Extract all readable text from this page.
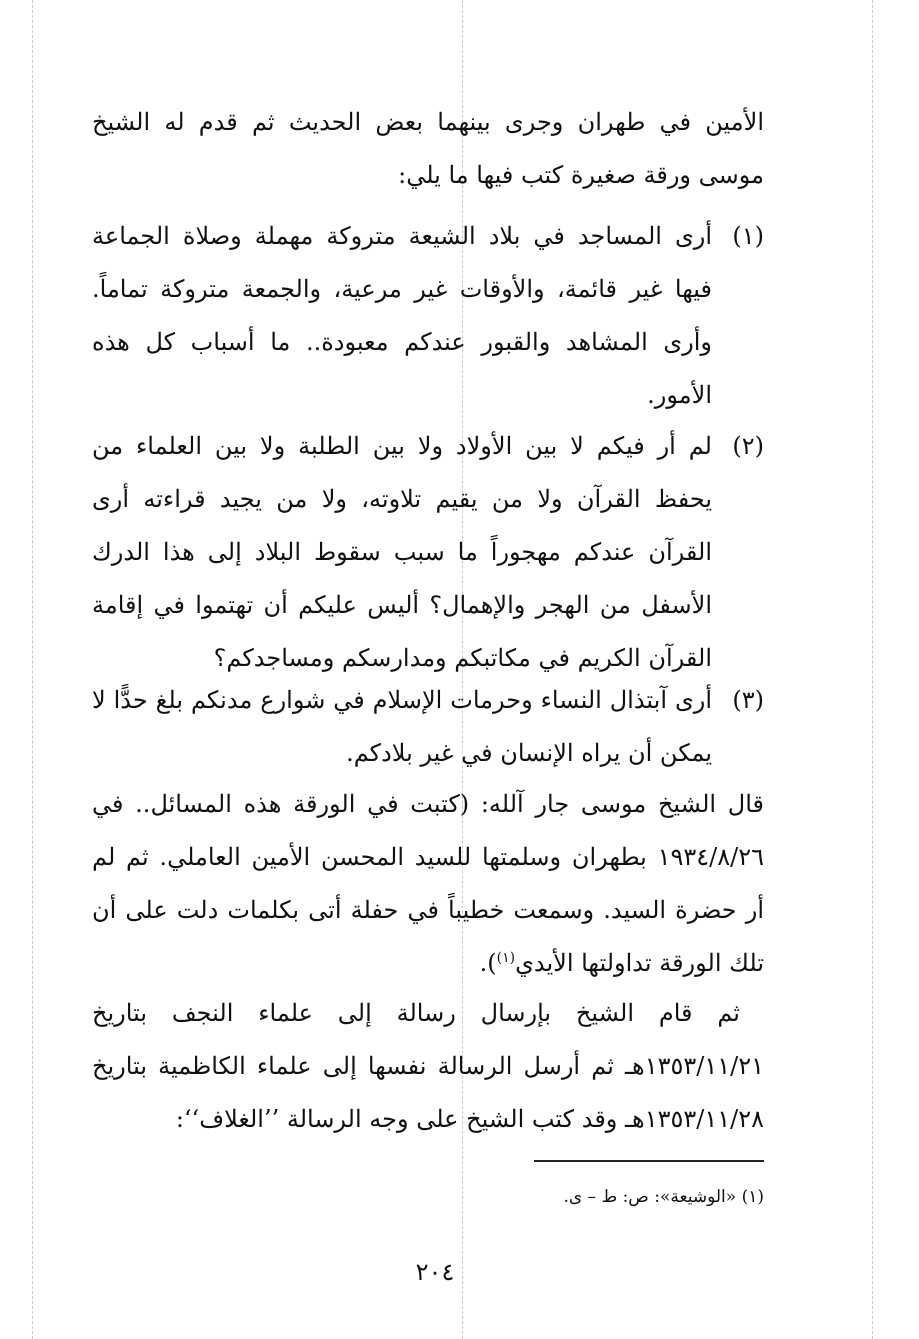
الأمين في طهران وجرى بينهما بعض الحديث ثم قدم له الشيخ موسى ورقة صغيرة كتب فيها ما يلي:

(١)
أرى المساجد في بلاد الشيعة متروكة مهملة وصلاة الجماعة فيها غير قائمة، والأوقات غير مرعية، والجمعة متروكة تماماً. وأرى المشاهد والقبور عندكم معبودة.. ما أسباب كل هذه الأمور.
(٢)
لم أر فيكم لا بين الأولاد ولا بين الطلبة ولا بين العلماء من يحفظ القرآن ولا من يقيم تلاوته، ولا من يجيد قراءته أرى القرآن عندكم مهجوراً ما سبب سقوط البلاد إلى هذا الدرك الأسفل من الهجر والإهمال؟ أليس عليكم أن تهتموا في إقامة القرآن الكريم في مكاتبكم ومدارسكم ومساجدكم؟
(٣)
أرى آبتذال النساء وحرمات الإسلام في شوارع مدنكم بلغ حدًّا لا يمكن أن يراه الإنسان في غير بلادكم.

قال الشيخ موسى جار آلله: (كتبت في الورقة هذه المسائل.. في ١٩٣٤/٨/٢٦ بطهران وسلمتها للسيد المحسن الأمين العاملي. ثم لم أر حضرة السيد. وسمعت خطيباً في حفلة أتى بكلمات دلت على أن تلك الورقة تداولتها الأيدي$^{(١)}$).

ثم قام الشيخ بإرسال رسالة إلى علماء النجف بتاريخ ١٣٥٣/١١/٢١هـ ثم أرسل الرسالة نفسها إلى علماء الكاظمية بتاريخ ١٣٥٣/١١/٢٨هـ وقد كتب الشيخ على وجه الرسالة ’’الغلاف‘‘:

(١) «الوشيعة»: ص: ط – ى.
٢٠٤
